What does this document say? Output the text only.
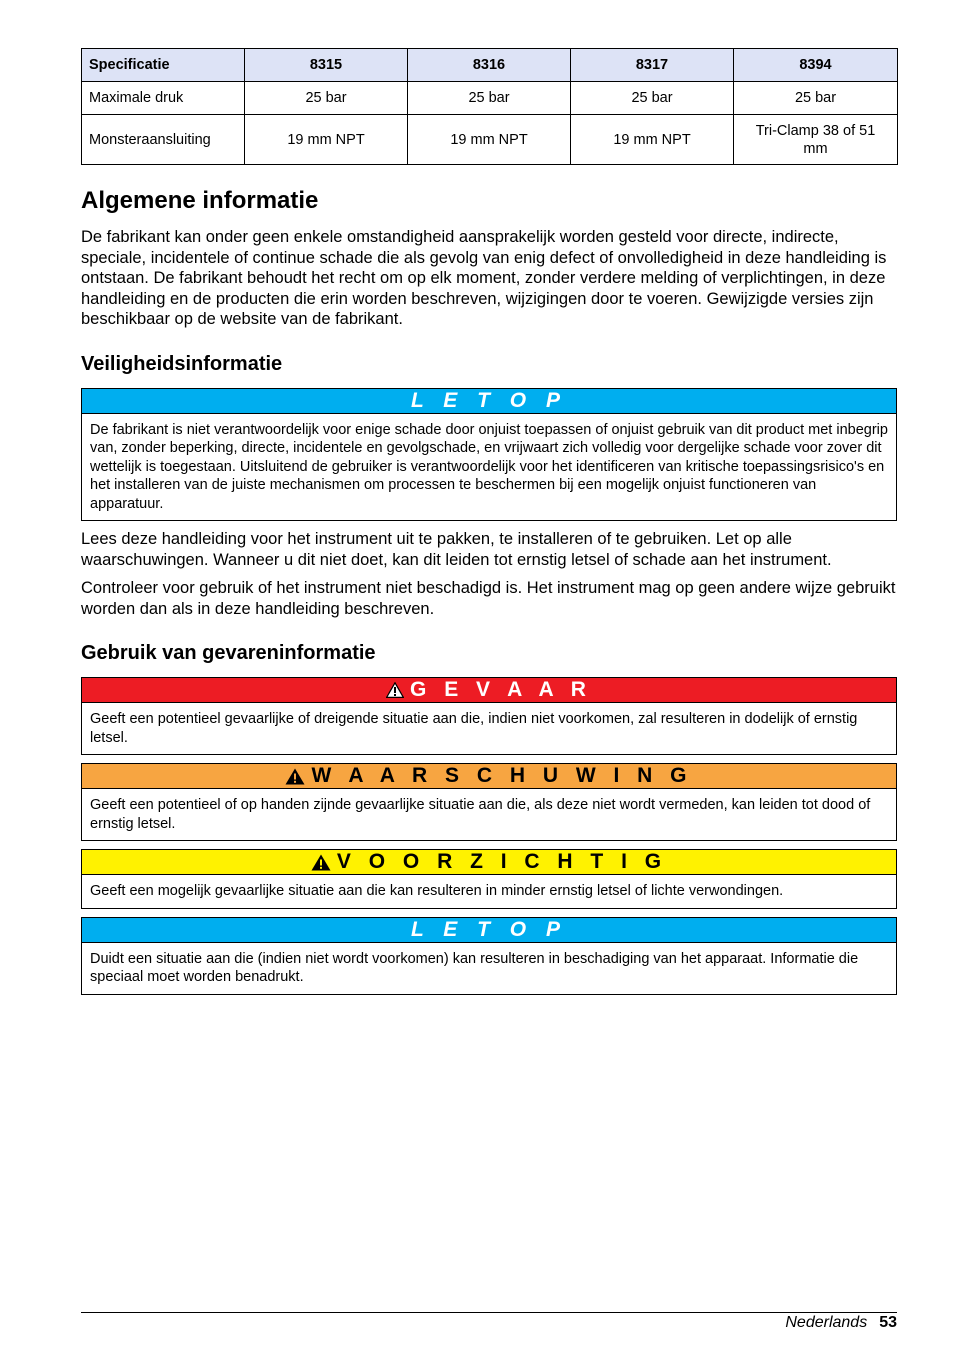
Specificatie	8315	8316	8317	8394
Maximale druk	25 bar	25 bar	25 bar	25 bar
Monsteraansluiting	19 mm NPT	19 mm NPT	19 mm NPT	Tri-Clamp 38 of 51 mm
Algemene informatie

De fabrikant kan onder geen enkele omstandigheid aansprakelijk worden gesteld voor directe, indirecte, speciale, incidentele of continue schade die als gevolg van enig defect of onvolledigheid in deze handleiding is ontstaan. De fabrikant behoudt het recht om op elk moment, zonder verdere melding of verplichtingen, in deze handleiding en de producten die erin worden beschreven, wijzigingen door te voeren. Gewijzigde versies zijn beschikbaar op de website van de fabrikant.

Veiligheidsinformatie
L E T O P
De fabrikant is niet verantwoordelijk voor enige schade door onjuist toepassen of onjuist gebruik van dit product met inbegrip van, zonder beperking, directe, incidentele en gevolgschade, en vrijwaart zich volledig voor dergelijke schade voor zover dit wettelijk is toegestaan. Uitsluitend de gebruiker is verantwoordelijk voor het identificeren van kritische toepassingsrisico's en het installeren van de juiste mechanismen om processen te beschermen bij een mogelijk onjuist functioneren van apparatuur.

Lees deze handleiding voor het instrument uit te pakken, te installeren of te gebruiken. Let op alle waarschuwingen. Wanneer u dit niet doet, kan dit leiden tot ernstig letsel of schade aan het instrument.

Controleer voor gebruik of het instrument niet beschadigd is. Het instrument mag op geen andere wijze gebruikt worden dan als in deze handleiding beschreven.

Gebruik van gevareninformatie
G E V A A R
Geeft een potentieel gevaarlijke of dreigende situatie aan die, indien niet voorkomen, zal resulteren in dodelijk of ernstig letsel.
W A A R S C H U W I N G
Geeft een potentieel of op handen zijnde gevaarlijke situatie aan die, als deze niet wordt vermeden, kan leiden tot dood of ernstig letsel.
V O O R Z I C H T I G
Geeft een mogelijk gevaarlijke situatie aan die kan resulteren in minder ernstig letsel of lichte verwondingen.
L E T O P
Duidt een situatie aan die (indien niet wordt voorkomen) kan resulteren in beschadiging van het apparaat. Informatie die speciaal moet worden benadrukt.
Nederlands 53
